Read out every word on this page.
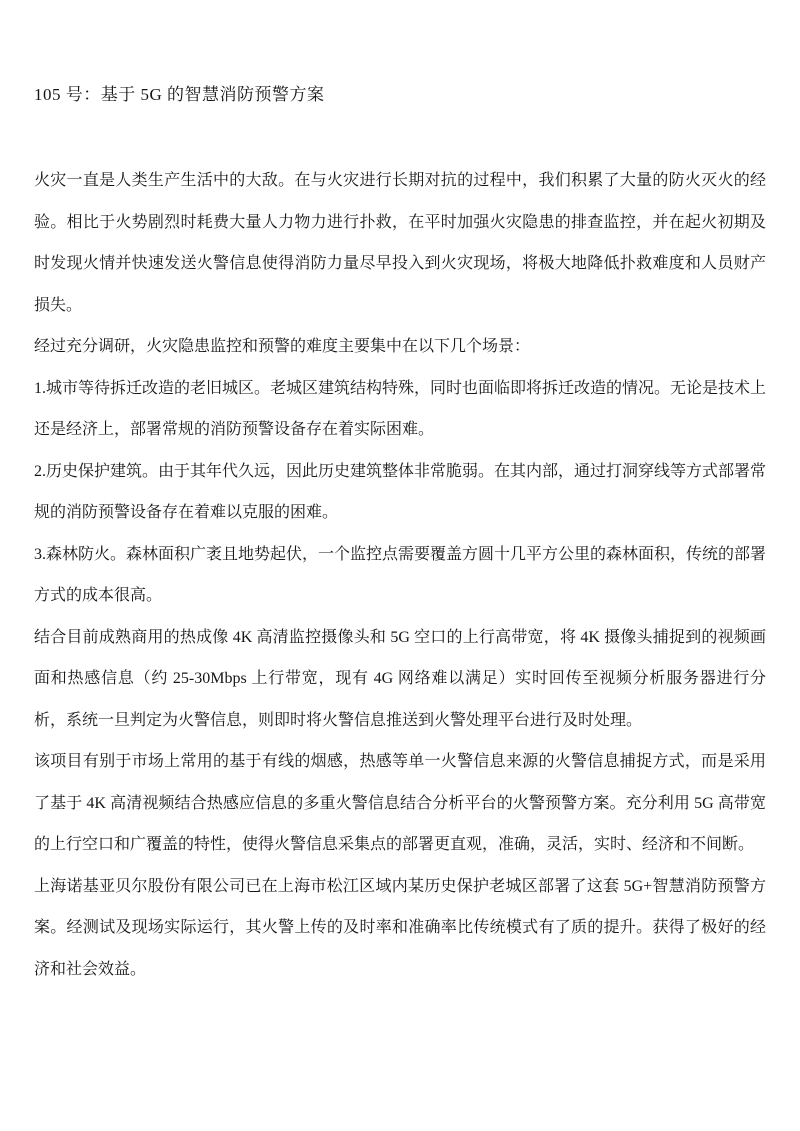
105 号：基于 5G 的智慧消防预警方案

火灾一直是人类生产生活中的大敌。在与火灾进行长期对抗的过程中，我们积累了大量的防火灭火的经验。相比于火势剧烈时耗费大量人力物力进行扑救，在平时加强火灾隐患的排查监控，并在起火初期及时发现火情并快速发送火警信息使得消防力量尽早投入到火灾现场，将极大地降低扑救难度和人员财产损失。

经过充分调研，火灾隐患监控和预警的难度主要集中在以下几个场景：

1.城市等待拆迁改造的老旧城区。老城区建筑结构特殊，同时也面临即将拆迁改造的情况。无论是技术上还是经济上，部署常规的消防预警设备存在着实际困难。

2.历史保护建筑。由于其年代久远，因此历史建筑整体非常脆弱。在其内部，通过打洞穿线等方式部署常规的消防预警设备存在着难以克服的困难。

3.森林防火。森林面积广袤且地势起伏，一个监控点需要覆盖方圆十几平方公里的森林面积，传统的部署方式的成本很高。

结合目前成熟商用的热成像 4K 高清监控摄像头和 5G 空口的上行高带宽，将 4K 摄像头捕捉到的视频画面和热感信息（约 25-30Mbps 上行带宽，现有 4G 网络难以满足）实时回传至视频分析服务器进行分析，系统一旦判定为火警信息，则即时将火警信息推送到火警处理平台进行及时处理。

该项目有别于市场上常用的基于有线的烟感，热感等单一火警信息来源的火警信息捕捉方式，而是采用了基于 4K 高清视频结合热感应信息的多重火警信息结合分析平台的火警预警方案。充分利用 5G 高带宽的上行空口和广覆盖的特性，使得火警信息采集点的部署更直观，准确，灵活，实时、经济和不间断。

上海诺基亚贝尔股份有限公司已在上海市松江区域内某历史保护老城区部署了这套 5G+智慧消防预警方案。经测试及现场实际运行，其火警上传的及时率和准确率比传统模式有了质的提升。获得了极好的经济和社会效益。
